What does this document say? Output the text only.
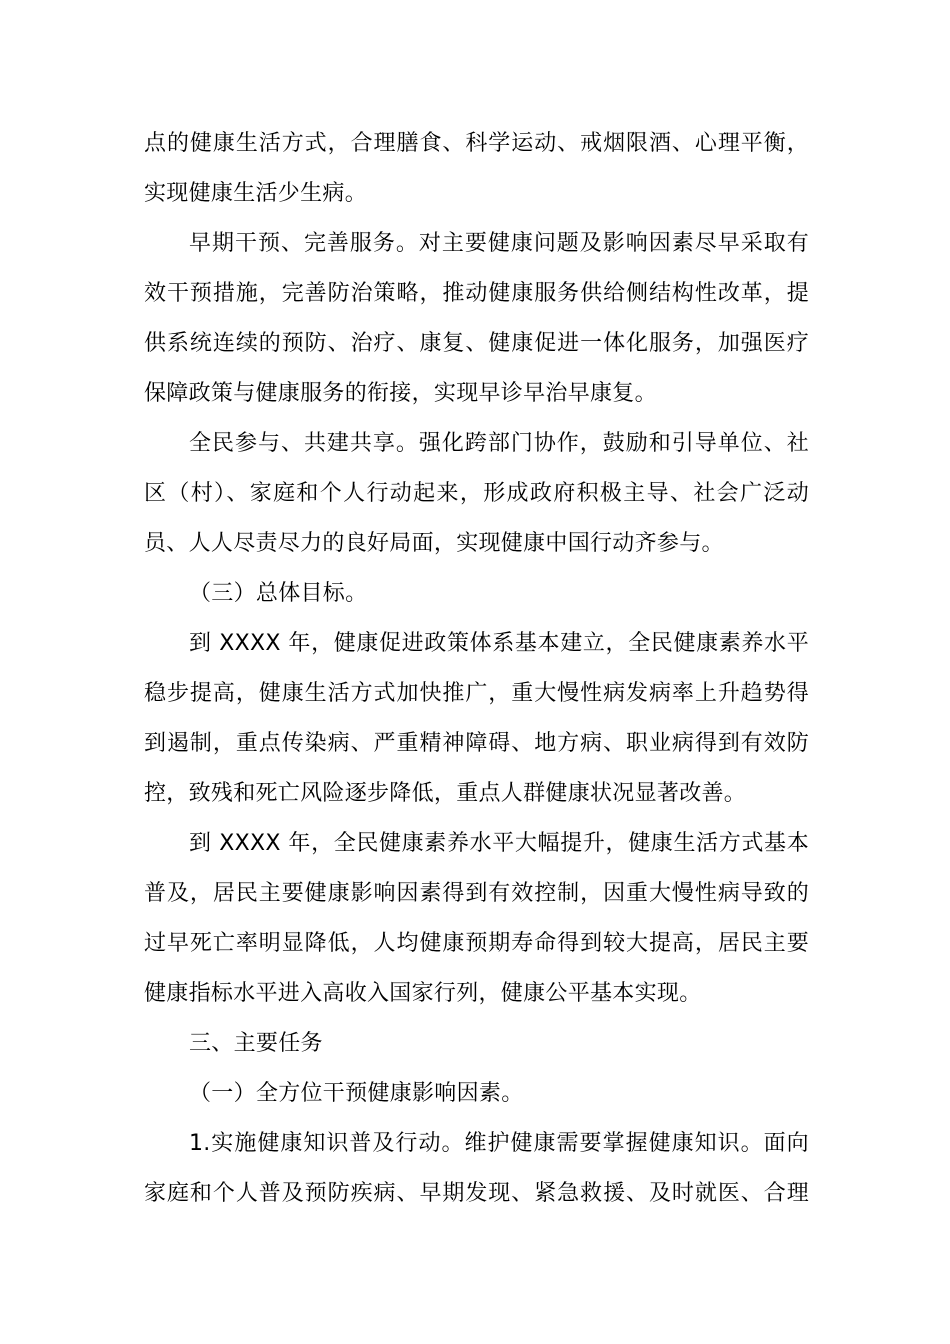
点的健康生活方式，合理膳食、科学运动、戒烟限酒、心理平衡，
实现健康生活少生病。
早期干预、完善服务。对主要健康问题及影响因素尽早采取有
效干预措施，完善防治策略，推动健康服务供给侧结构性改革，提
供系统连续的预防、治疗、康复、健康促进一体化服务，加强医疗
保障政策与健康服务的衔接，实现早诊早治早康复。
全民参与、共建共享。强化跨部门协作，鼓励和引导单位、社
区（村）、家庭和个人行动起来，形成政府积极主导、社会广泛动
员、人人尽责尽力的良好局面，实现健康中国行动齐参与。
（三）总体目标。
到 XXXX 年，健康促进政策体系基本建立，全民健康素养水平
稳步提高，健康生活方式加快推广，重大慢性病发病率上升趋势得
到遏制，重点传染病、严重精神障碍、地方病、职业病得到有效防
控，致残和死亡风险逐步降低，重点人群健康状况显著改善。
到 XXXX 年，全民健康素养水平大幅提升，健康生活方式基本
普及，居民主要健康影响因素得到有效控制，因重大慢性病导致的
过早死亡率明显降低，人均健康预期寿命得到较大提高，居民主要
健康指标水平进入高收入国家行列，健康公平基本实现。
三、主要任务
（一）全方位干预健康影响因素。
1.实施健康知识普及行动。维护健康需要掌握健康知识。面向
家庭和个人普及预防疾病、早期发现、紧急救援、及时就医、合理
